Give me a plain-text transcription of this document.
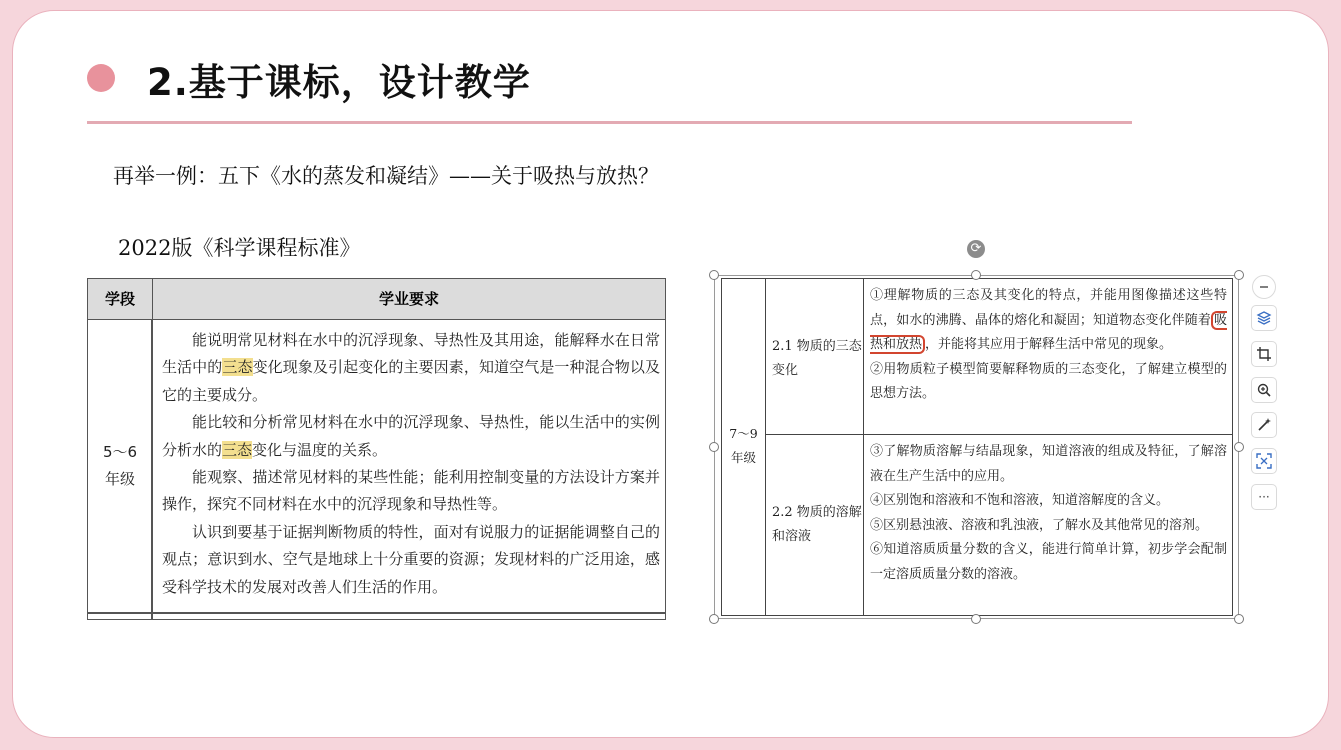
2.基于课标，设计教学
再举一例：五下《水的蒸发和凝结》——关于吸热与放热？
2022版《科学课程标准》
学段	学业要求
5～6
年级

能说明常见材料在水中的沉浮现象、导热性及其用途，能解释水在日常生活中的三态变化现象及引起变化的主要因素，知道空气是一种混合物以及它的主要成分。

能比较和分析常见材料在水中的沉浮现象、导热性，能以生活中的实例分析水的三态变化与温度的关系。

能观察、描述常见材料的某些性能；能利用控制变量的方法设计方案并操作，探究不同材料在水中的沉浮现象和导热性等。

认识到要基于证据判断物质的特性，面对有说服力的证据能调整自己的观点；意识到水、空气是地球上十分重要的资源；发现材料的广泛用途，感受科学技术的发展对改善人们生活的作用。

7～9
年级
2.1 物质的三态变化

①理解物质的三态及其变化的特点，并能用图像描述这些特点，如水的沸腾、晶体的熔化和凝固；知道物态变化伴随着 吸热和放热 ，并能将其应用于解释生活中常见的现象。

②用物质粒子模型简要解释物质的三态变化，了解建立模型的思想方法。

2.2 物质的溶解和溶液

③了解物质溶解与结晶现象，知道溶液的组成及特征，了解溶液在生产生活中的应用。

④区别饱和溶液和不饱和溶液，知道溶解度的含义。

⑤区别悬浊液、溶液和乳浊液，了解水及其他常见的溶剂。

⑥知道溶质质量分数的含义，能进行简单计算，初步学会配制一定溶质质量分数的溶液。

⟳
···
